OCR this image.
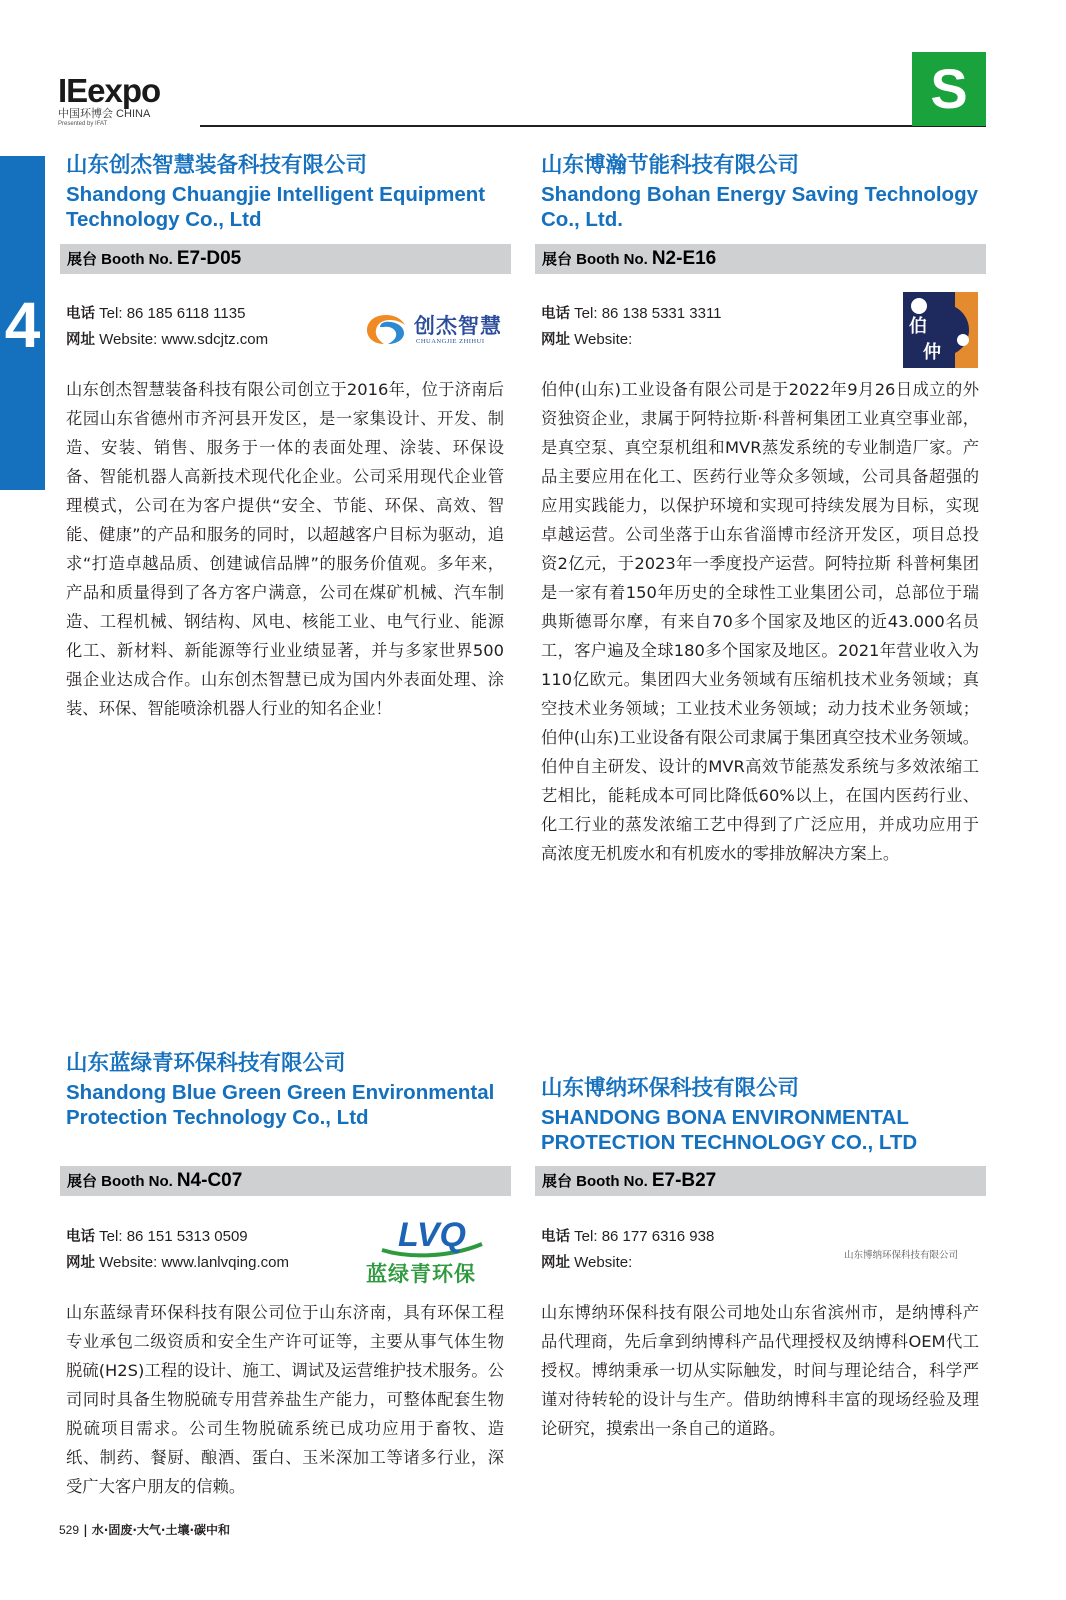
IEexpo
中国环博会 CHINA
Presented by IFAT
S
4
山东创杰智慧装备科技有限公司
Shandong Chuangjie Intelligent Equipment Technology Co., Ltd
展台 Booth No. E7-D05
电话 Tel: 86 185 6118 1135
网址 Website: www.sdcjtz.com
创杰智慧
CHUANGJIE ZHIHUI
山东创杰智慧装备科技有限公司创立于2016年，位于济南后花园山东省德州市齐河县开发区，是一家集设计、开发、制造、安装、销售、服务于一体的表面处理、涂装、环保设备、智能机器人高新技术现代化企业。公司采用现代企业管理模式，公司在为客户提供“安全、节能、环保、高效、智能、健康”的产品和服务的同时，以超越客户目标为驱动，追求“打造卓越品质、创建诚信品牌”的服务价值观。多年来，产品和质量得到了各方客户满意，公司在煤矿机械、汽车制造、工程机械、钢结构、风电、核能工业、电气行业、能源化工、新材料、新能源等行业业绩显著，并与多家世界500强企业达成合作。山东创杰智慧已成为国内外表面处理、涂装、环保、智能喷涂机器人行业的知名企业！
山东博瀚节能科技有限公司
Shandong Bohan Energy Saving Technology Co., Ltd.
展台 Booth No. N2-E16
电话 Tel: 86 138 5331 3311
网址 Website:
伯
仲
伯仲(山东)工业设备有限公司是于2022年9月26日成立的外资独资企业，隶属于阿特拉斯·科普柯集团工业真空事业部，是真空泵、真空泵机组和MVR蒸发系统的专业制造厂家。产品主要应用在化工、医药行业等众多领域，公司具备超强的应用实践能力，以保护环境和实现可持续发展为目标，实现卓越运营。公司坐落于山东省淄博市经济开发区，项目总投资2亿元，于2023年一季度投产运营。阿特拉斯 科普柯集团是一家有着150年历史的全球性工业集团公司，总部位于瑞典斯德哥尔摩，有来自70多个国家及地区的近43.000名员工，客户遍及全球180多个国家及地区。2021年营业收入为110亿欧元。集团四大业务领域有压缩机技术业务领域；真空技术业务领域；工业技术业务领域；动力技术业务领域；伯仲(山东)工业设备有限公司隶属于集团真空技术业务领域。伯仲自主研发、设计的MVR高效节能蒸发系统与多效浓缩工艺相比，能耗成本可同比降低60%以上，在国内医药行业、化工行业的蒸发浓缩工艺中得到了广泛应用，并成功应用于高浓度无机废水和有机废水的零排放解决方案上。
山东蓝绿青环保科技有限公司
Shandong Blue Green Green Environmental Protection Technology Co., Ltd
展台 Booth No. N4-C07
电话 Tel: 86 151 5313 0509
网址 Website: www.lanlvqing.com
LVQ
蓝绿青环保
山东蓝绿青环保科技有限公司位于山东济南，具有环保工程专业承包二级资质和安全生产许可证等，主要从事气体生物脱硫(H2S)工程的设计、施工、调试及运营维护技术服务。公司同时具备生物脱硫专用营养盐生产能力，可整体配套生物脱硫项目需求。公司生物脱硫系统已成功应用于畜牧、造纸、制药、餐厨、酿酒、蛋白、玉米深加工等诸多行业，深受广大客户朋友的信赖。
山东博纳环保科技有限公司
SHANDONG BONA ENVIRONMENTAL PROTECTION TECHNOLOGY CO., LTD
展台 Booth No. E7-B27
电话 Tel: 86 177 6316 938
网址 Website:	山东博纳环保科技有限公司
山东博纳环保科技有限公司地处山东省滨州市，是纳博科产品代理商，先后拿到纳博科产品代理授权及纳博科OEM代工授权。博纳秉承一切从实际触发，时间与理论结合，科学严谨对待转轮的设计与生产。借助纳博科丰富的现场经验及理论研究，摸索出一条自己的道路。
529 | 水·固废·大气·土壤·碳中和
